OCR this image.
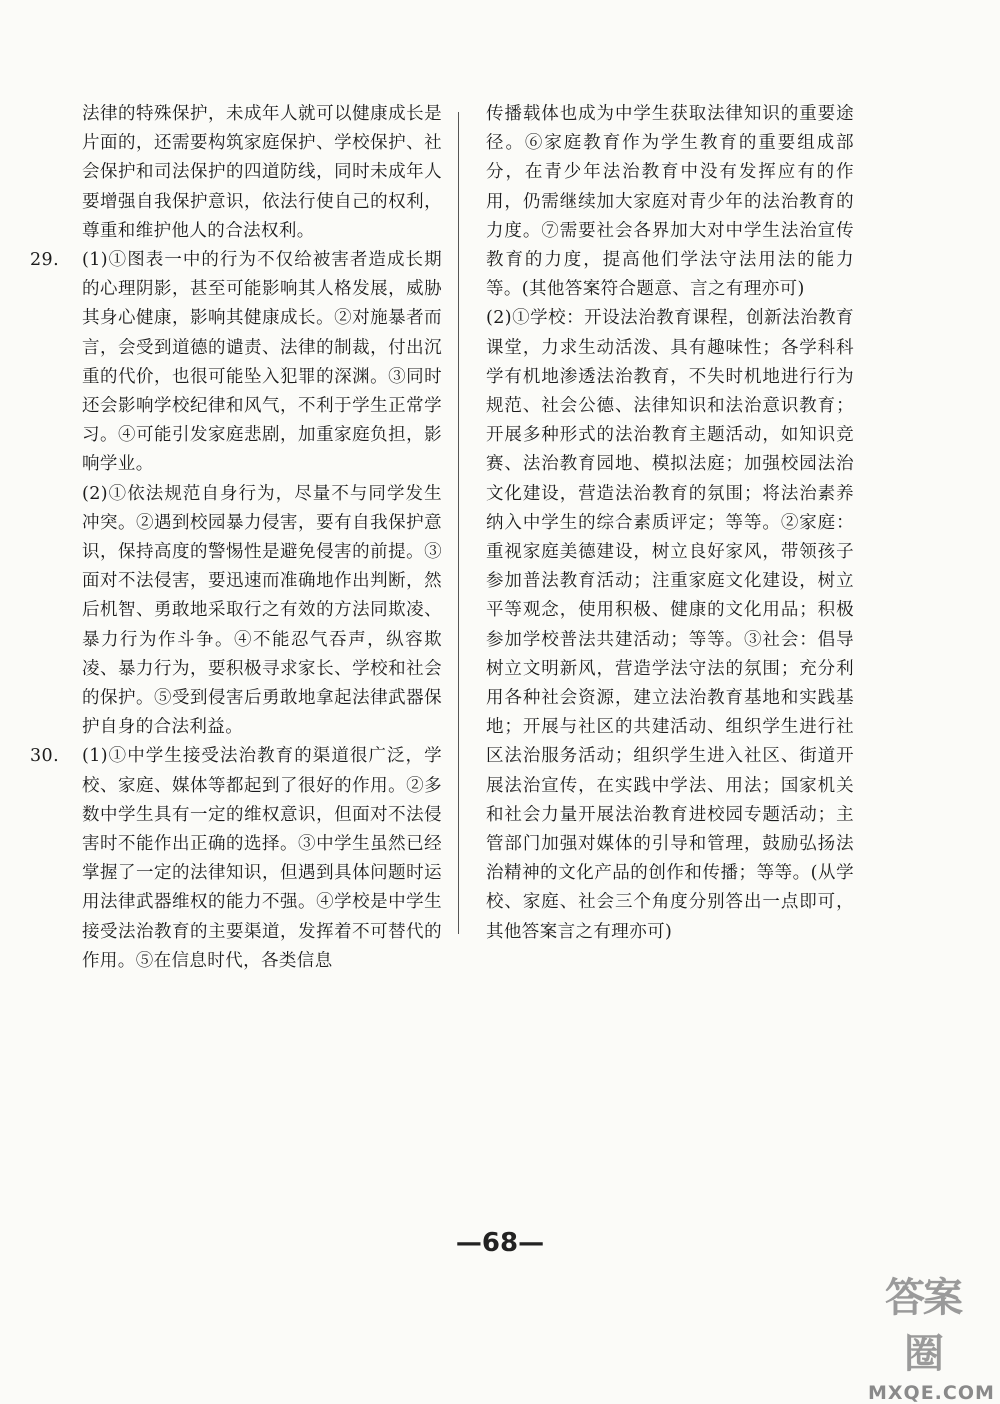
法律的特殊保护，未成年人就可以健康成长是片面的，还需要构筑家庭保护、学校保护、社会保护和司法保护的四道防线，同时未成年人要增强自我保护意识，依法行使自己的权利，尊重和维护他人的合法权利。

29.	(1)①图表一中的行为不仅给被害者造成长期的心理阴影，甚至可能影响其人格发展，威胁其身心健康，影响其健康成长。②对施暴者而言，会受到道德的谴责、法律的制裁，付出沉重的代价，也很可能坠入犯罪的深渊。③同时还会影响学校纪律和风气，不利于学生正常学习。④可能引发家庭悲剧，加重家庭负担，影响学业。

(2)①依法规范自身行为，尽量不与同学发生冲突。②遇到校园暴力侵害，要有自我保护意识，保持高度的警惕性是避免侵害的前提。③面对不法侵害，要迅速而准确地作出判断，然后机智、勇敢地采取行之有效的方法同欺凌、暴力行为作斗争。④不能忍气吞声，纵容欺凌、暴力行为，要积极寻求家长、学校和社会的保护。⑤受到侵害后勇敢地拿起法律武器保护自身的合法利益。

30.	(1)①中学生接受法治教育的渠道很广泛，学校、家庭、媒体等都起到了很好的作用。②多数中学生具有一定的维权意识，但面对不法侵害时不能作出正确的选择。③中学生虽然已经掌握了一定的法律知识，但遇到具体问题时运用法律武器维权的能力不强。④学校是中学生接受法治教育的主要渠道，发挥着不可替代的作用。⑤在信息时代，各类信息

传播载体也成为中学生获取法律知识的重要途径。⑥家庭教育作为学生教育的重要组成部分，在青少年法治教育中没有发挥应有的作用，仍需继续加大家庭对青少年的法治教育的力度。⑦需要社会各界加大对中学生法治宣传教育的力度，提高他们学法守法用法的能力等。(其他答案符合题意、言之有理亦可)

(2)①学校：开设法治教育课程，创新法治教育课堂，力求生动活泼、具有趣味性；各学科科学有机地渗透法治教育，不失时机地进行行为规范、社会公德、法律知识和法治意识教育；开展多种形式的法治教育主题活动，如知识竞赛、法治教育园地、模拟法庭；加强校园法治文化建设，营造法治教育的氛围；将法治素养纳入中学生的综合素质评定；等等。②家庭：重视家庭美德建设，树立良好家风，带领孩子参加普法教育活动；注重家庭文化建设，树立平等观念，使用积极、健康的文化用品；积极参加学校普法共建活动；等等。③社会：倡导树立文明新风，营造学法守法的氛围；充分利用各种社会资源，建立法治教育基地和实践基地；开展与社区的共建活动、组织学生进行社区法治服务活动；组织学生进入社区、街道开展法治宣传，在实践中学法、用法；国家机关和社会力量开展法治教育进校园专题活动；主管部门加强对媒体的引导和管理，鼓励弘扬法治精神的文化产品的创作和传播；等等。(从学校、家庭、社会三个角度分别答出一点即可，其他答案言之有理亦可)

—68—
答案圈
MXQE.COM
